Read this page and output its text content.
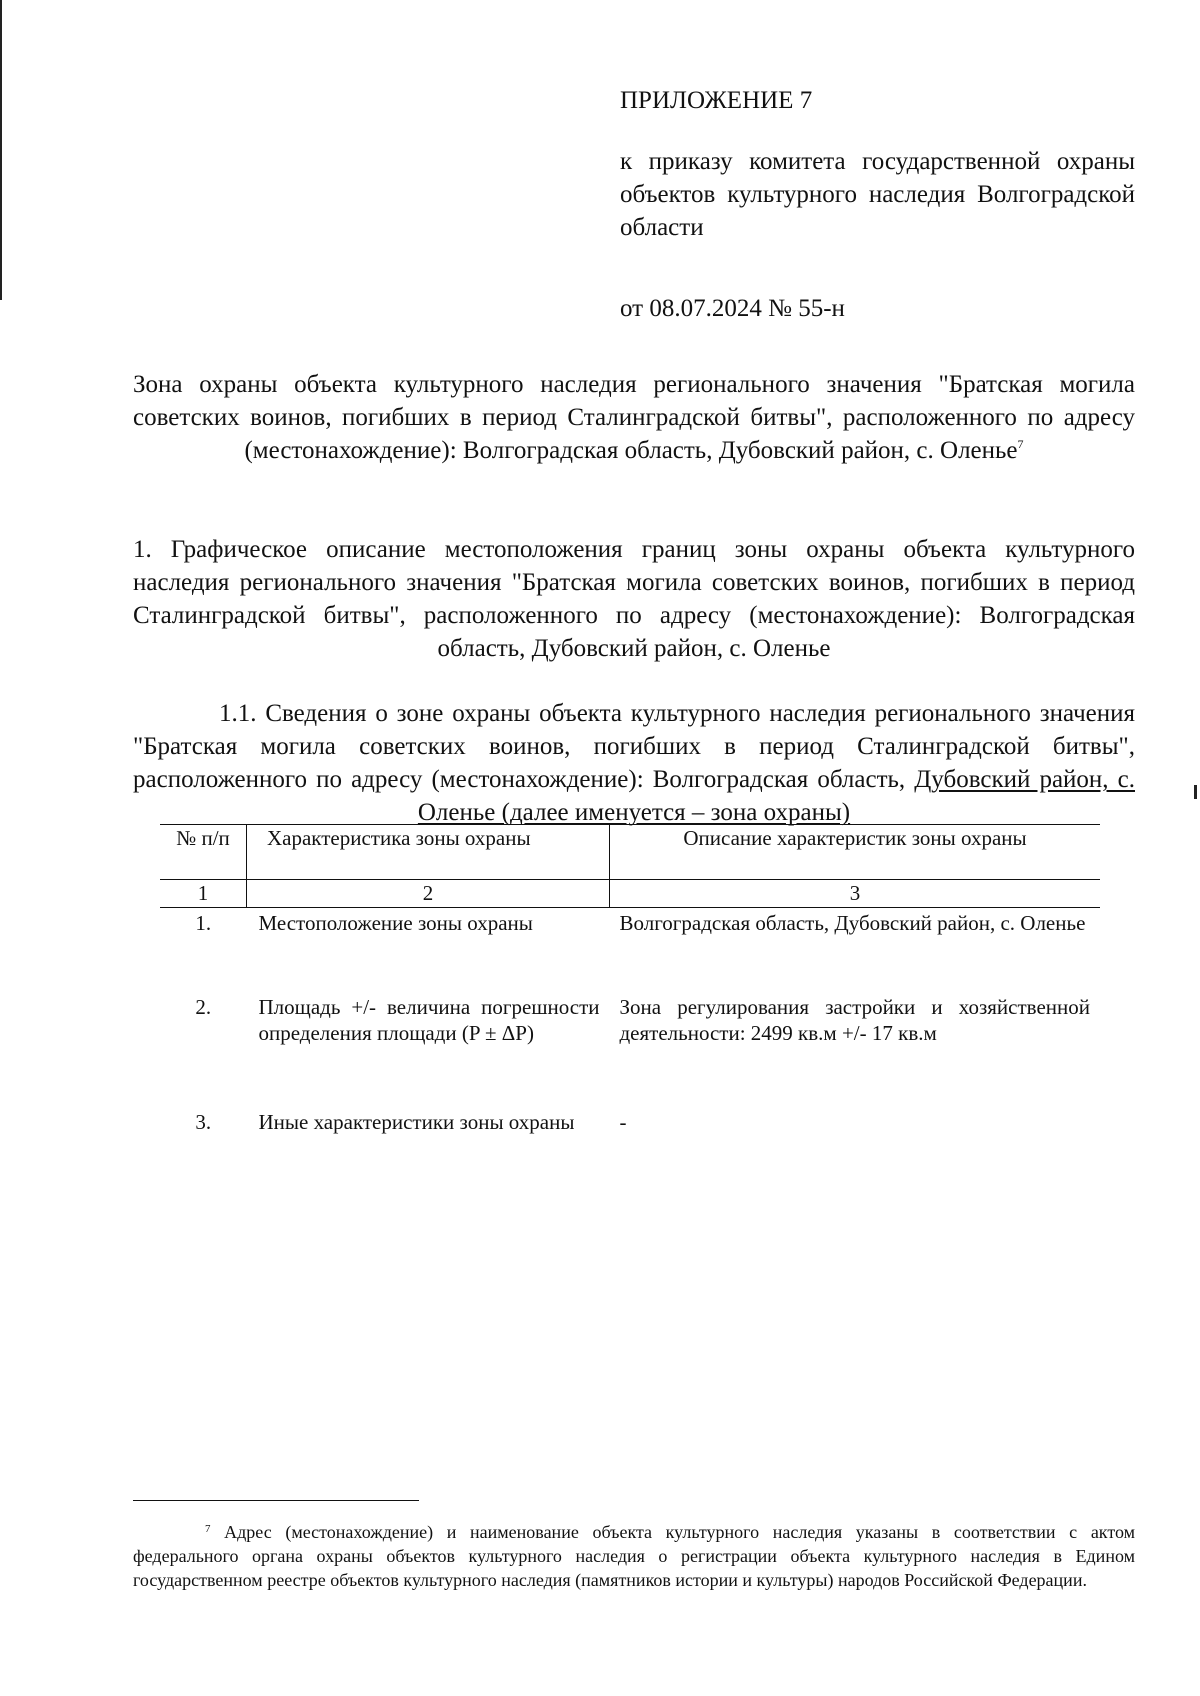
ПРИЛОЖЕНИЕ 7
к приказу комитета государственной охраны объектов культурного наследия Волгоградской области
от 08.07.2024 № 55-н
Зона охраны объекта культурного наследия регионального значения "Братская могила советских воинов, погибших в период Сталинградской битвы", расположенного по адресу (местонахождение): Волгоградская область, Дубовский район, с. Оленье$^7$
1. Графическое описание местоположения границ зоны охраны объекта культурного наследия регионального значения "Братская могила советских воинов, погибших в период Сталинградской битвы", расположенного по адресу (местонахождение): Волгоградская область, Дубовский район, с. Оленье
1.1. Сведения о зоне охраны объекта культурного наследия регионального значения "Братская могила советских воинов, погибших в период Сталинградской битвы", расположенного по адресу (местонахождение): Волгоградская область, Дубовский район, с. Оленье (далее именуется – зона охраны)
№ п/п	Характеристика зоны охраны	Описание характеристик зоны охраны
1	2	3
1.	Местоположение зоны охраны	Волгоградская область, Дубовский район, с. Оленье
2.	Площадь +/- величина погрешности определения площади (P ± ΔP)	Зона регулирования застройки и хозяйственной деятельности: 2499 кв.м +/- 17 кв.м
3.	Иные характеристики зоны охраны	-
$^7$ Адрес (местонахождение) и наименование объекта культурного наследия указаны в соответствии с актом федерального органа охраны объектов культурного наследия о регистрации объекта культурного наследия в Едином государственном реестре объектов культурного наследия (памятников истории и культуры) народов Российской Федерации.
